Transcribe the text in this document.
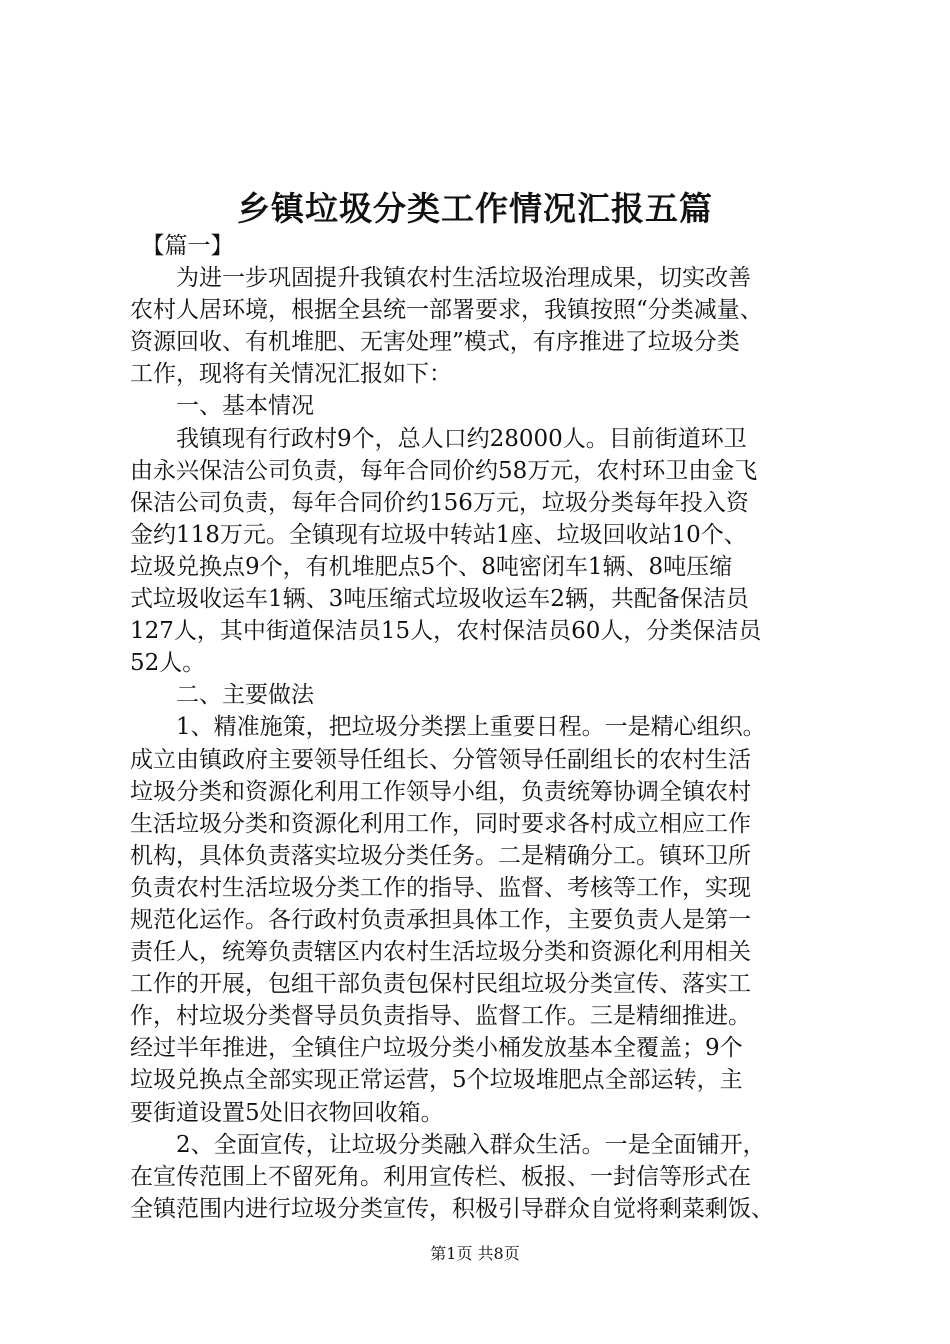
乡镇垃圾分类工作情况汇报五篇
　【篇一】
　　为进一步巩固提升我镇农村生活垃圾治理成果，切实改善
农村人居环境，根据全县统一部署要求，我镇按照“分类减量、
资源回收、有机堆肥、无害处理”模式，有序推进了垃圾分类
工作，现将有关情况汇报如下：
　　一、基本情况
　　我镇现有行政村9个，总人口约28000人。目前街道环卫
由永兴保洁公司负责，每年合同价约58万元，农村环卫由金飞
保洁公司负责，每年合同价约156万元，垃圾分类每年投入资
金约118万元。全镇现有垃圾中转站1座、垃圾回收站10个、
垃圾兑换点9个，有机堆肥点5个、8吨密闭车1辆、8吨压缩
式垃圾收运车1辆、3吨压缩式垃圾收运车2辆，共配备保洁员
127人，其中街道保洁员15人，农村保洁员60人，分类保洁员
52人。
　　二、主要做法
　　1、精准施策，把垃圾分类摆上重要日程。一是精心组织。
成立由镇政府主要领导任组长、分管领导任副组长的农村生活
垃圾分类和资源化利用工作领导小组，负责统筹协调全镇农村
生活垃圾分类和资源化利用工作，同时要求各村成立相应工作
机构，具体负责落实垃圾分类任务。二是精确分工。镇环卫所
负责农村生活垃圾分类工作的指导、监督、考核等工作，实现
规范化运作。各行政村负责承担具体工作，主要负责人是第一
责任人，统筹负责辖区内农村生活垃圾分类和资源化利用相关
工作的开展，包组干部负责包保村民组垃圾分类宣传、落实工
作，村垃圾分类督导员负责指导、监督工作。三是精细推进。
经过半年推进，全镇住户垃圾分类小桶发放基本全覆盖；9个
垃圾兑换点全部实现正常运营，5个垃圾堆肥点全部运转，主
要街道设置5处旧衣物回收箱。
　　2、全面宣传，让垃圾分类融入群众生活。一是全面铺开，
在宣传范围上不留死角。利用宣传栏、板报、一封信等形式在
全镇范围内进行垃圾分类宣传，积极引导群众自觉将剩菜剩饭、
第1页 共8页
